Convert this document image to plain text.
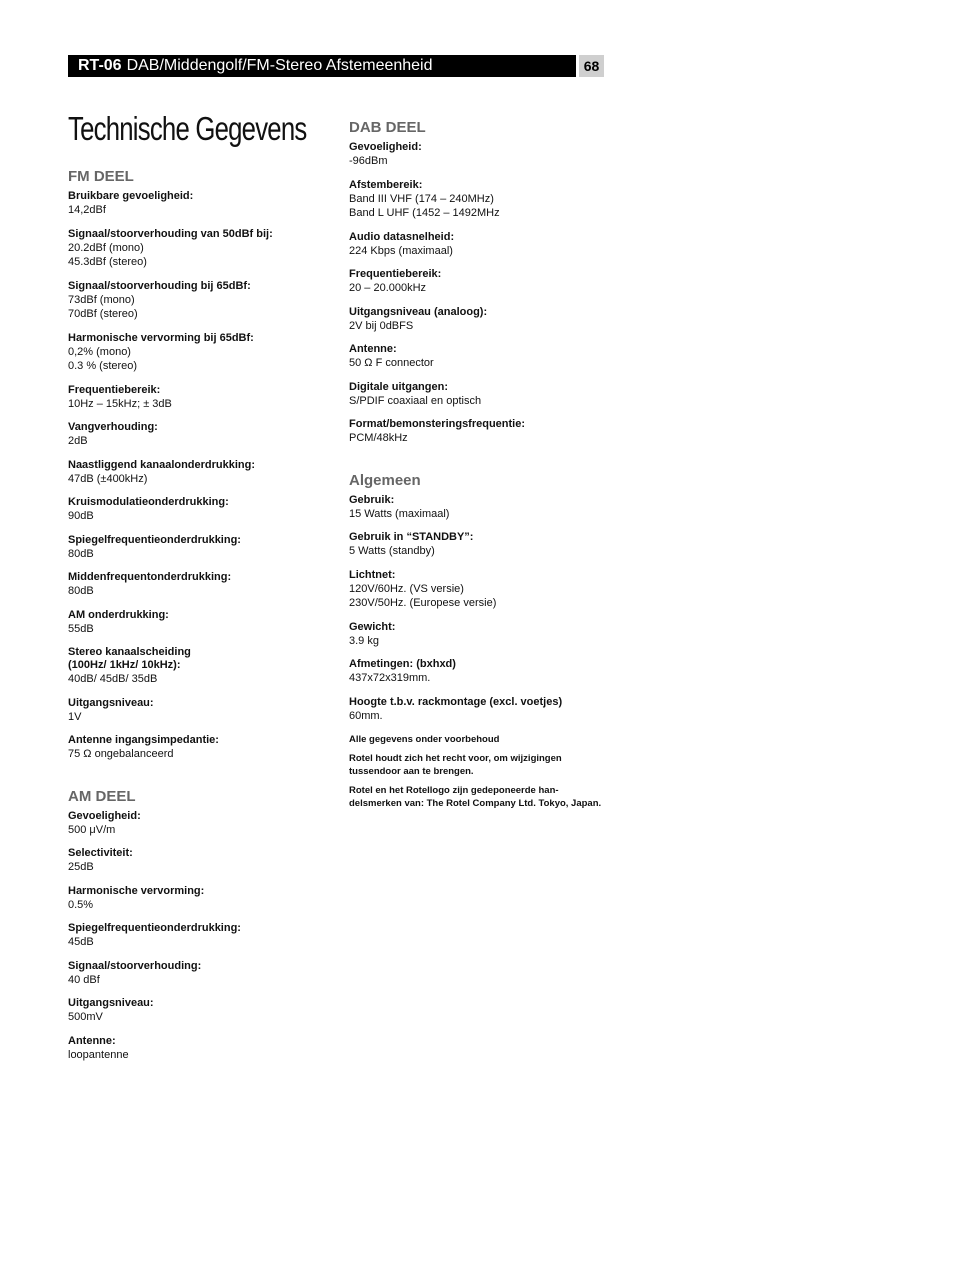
RT-06 DAB/Middengolf/FM-Stereo Afstemeenheid	68
Technische Gegevens
FM DEEL
Bruikbare gevoeligheid:
14,2dBf
Signaal/stoorverhouding van 50dBf bij:
20.2dBf (mono)
45.3dBf (stereo)
Signaal/stoorverhouding bij 65dBf:
73dBf (mono)
70dBf (stereo)
Harmonische vervorming bij 65dBf:
0,2% (mono)
0.3 % (stereo)
Frequentiebereik:
10Hz – 15kHz; ± 3dB
Vangverhouding:
2dB
Naastliggend kanaalonderdrukking:
47dB (±400kHz)
Kruismodulatieonderdrukking:
90dB
Spiegelfrequentieonderdrukking:
80dB
Middenfrequentonderdrukking:
80dB
AM onderdrukking:
55dB
Stereo kanaalscheiding
(100Hz/ 1kHz/ 10kHz):
40dB/ 45dB/ 35dB
Uitgangsniveau:
1V
Antenne ingangsimpedantie:
75 Ω ongebalanceerd
AM DEEL
Gevoeligheid:
500 μV/m
Selectiviteit:
25dB
Harmonische vervorming:
0.5%
Spiegelfrequentieonderdrukking:
45dB
Signaal/stoorverhouding:
40 dBf
Uitgangsniveau:
500mV
Antenne:
loopantenne
DAB DEEL
Gevoeligheid:
-96dBm
Afstembereik:
Band III VHF (174 – 240MHz)
Band L UHF (1452 – 1492MHz
Audio datasnelheid:
224 Kbps (maximaal)
Frequentiebereik:
20 – 20.000kHz
Uitgangsniveau (analoog):
2V bij 0dBFS
Antenne:
50 Ω F connector
Digitale uitgangen:
S/PDIF coaxiaal en optisch
Format/bemonsteringsfrequentie:
PCM/48kHz
Algemeen
Gebruik:
15 Watts (maximaal)
Gebruik in “STANDBY”:
5 Watts (standby)
Lichtnet:
120V/60Hz. (VS versie)
230V/50Hz. (Europese versie)
Gewicht:
3.9 kg
Afmetingen: (bxhxd)
437x72x319mm.
Hoogte t.b.v. rackmontage (excl. voetjes)
60mm.
Alle gegevens onder voorbehoud
Rotel houdt zich het recht voor, om wijzigingen tussendoor aan te brengen.
Rotel en het Rotellogo zijn gedeponeerde han-delsmerken van: The Rotel Company Ltd. Tokyo, Japan.
